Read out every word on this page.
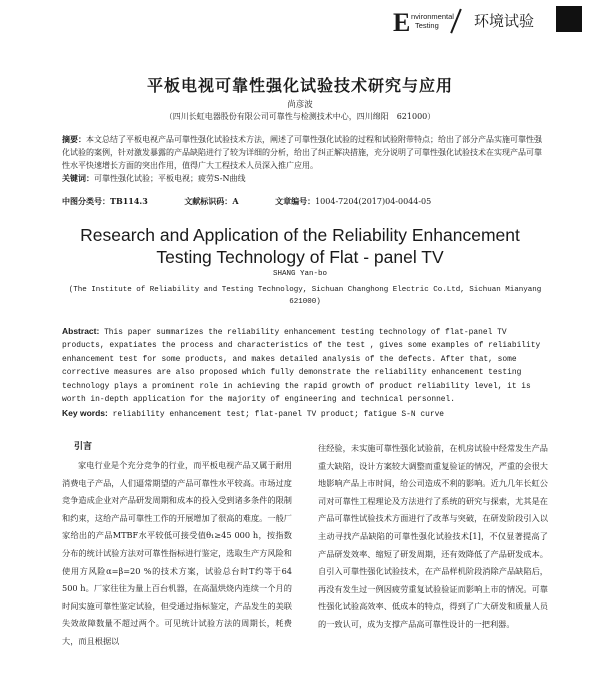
E nvironmental
Testing	环境试验
平板电视可靠性强化试验技术研究与应用
尚彦波
（四川长虹电器股份有限公司可靠性与检测技术中心，四川绵阳　621000）
摘要：本文总结了平板电视产品可靠性强化试验技术方法，阐述了可靠性强化试验的过程和试验附带特点；给出了部分产品实施可靠性强化试验的案例，针对激发暴露的产品缺陷进行了较为详细的分析，给出了纠正解决措施，充分说明了可靠性强化试验技术在实现产品可靠性水平快速增长方面的突出作用，值得广大工程技术人员深入推广应用。
关键词：可靠性强化试验；平板电视；疲劳S-N曲线
中图分类号：TB114.3	文献标识码：A	文章编号：1004-7204(2017)04-0044-05
Research and Application of the Reliability Enhancement Testing Technology of Flat - panel TV
SHANG Yan-bo
(The Institute of Reliability and Testing Technology, Sichuan Changhong Electric Co.Ltd, Sichuan Mianyang 621000)
Abstract: This paper summarizes the reliability enhancement testing technology of flat-panel TV products, expatiates the process and characteristics of the test , gives some examples of reliability enhancement test for some products, and makes detailed analysis of the defects. After that, some corrective measures are also proposed which fully demonstrate the reliability enhancement testing technology plays a prominent role in achieving the rapid growth of product reliability level, it is worth in-depth application for the majority of engineering and technical personnel.
Key words: reliability enhancement test; flat-panel TV product; fatigue S-N curve
引言
家电行业是个充分竞争的行业，而平板电视产品又属于耐用消费电子产品，人们逼常期望的产品可靠性水平较高。市场过度竞争造成企业对产品研发周期和成本的投入受到诸多条件的限制和约束，这给产品可靠性工作的开展增加了很高的难度。一般厂家给出的产品MTBF水平较低可接受值θ₁≥45 000 h，按指数分布的统计试验方法对可靠性指标进行鉴定，选取生产方风险和使用方风险α=β=20 %的技术方案，试验总台时T约等于64 500 h。厂家往往为量上百台机器，在高温烘烧内连续一个月的时间实施可靠性鉴定试验，但受通过指标鉴定，产品发生的美联失效故障数量不超过两个。可见统计试验方法的周期长，耗费大，而且根据以
往经验，未实施可靠性强化试验前，在机房试验中经常发生产品重大缺陷，设计方案较大调整而重复验证的情况，严重的会很大地影响产品上市时间，给公司造成不利的影响。近九几年长虹公司对可靠性工程理论及方法进行了系统的研究与探索，尤其是在产品可靠性试验技术方面进行了改革与突破，在研发阶段引入以主动寻找产品缺陷的可靠性强化试验技术[1]，不仅显著提高了产品研发效率、缩短了研发周期，还有效降低了产品研发成本。自引入可靠性强化试验技术，在产品样机阶段消除产品缺陷后，再没有发生过一例因疲劳重复试验验证而影响上市的情况。可靠性强化试验高效率、低成本的特点，得到了广大研发和质量人员的一致认可，成为支撑产品高可靠性设计的一把利器。
